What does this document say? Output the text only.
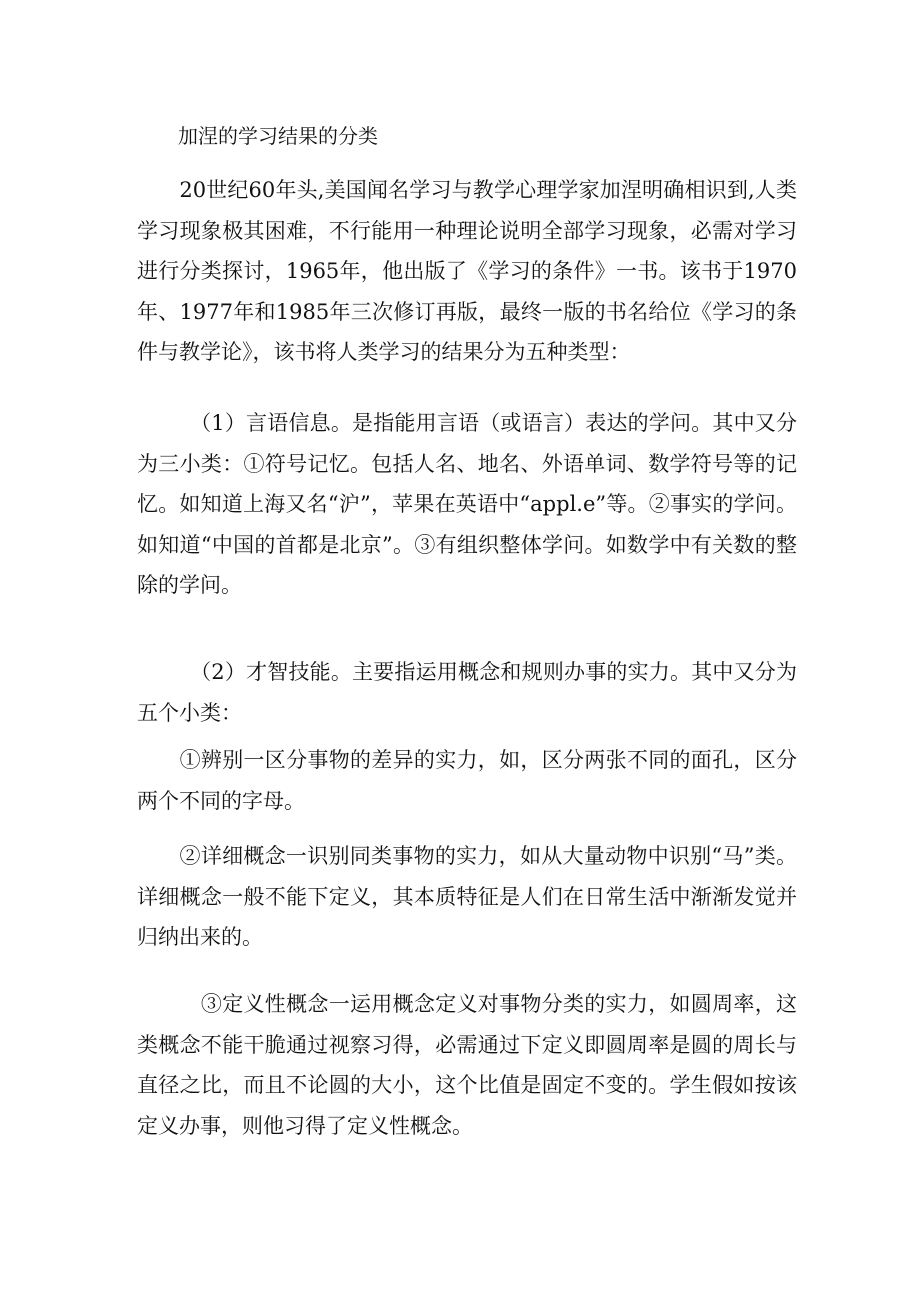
加涅的学习结果的分类

　　20世纪60年头,美国闻名学习与教学心理学家加涅明确相识到,人类学习现象极其困难，不行能用一种理论说明全部学习现象，必需对学习进行分类探讨，1965年，他出版了《学习的条件》一书。该书于1970年、1977年和1985年三次修订再版，最终一版的书名给位《学习的条件与教学论》，该书将人类学习的结果分为五种类型：

　　　（1）言语信息。是指能用言语（或语言）表达的学问。其中又分为三小类：①符号记忆。包括人名、地名、外语单词、数学符号等的记忆。如知道上海又名“沪”，苹果在英语中“appl.e”等。②事实的学问。如知道“中国的首都是北京”。③有组织整体学问。如数学中有关数的整除的学问。

　　　（2）才智技能。主要指运用概念和规则办事的实力。其中又分为五个小类：

　　①辨别一区分事物的差异的实力，如，区分两张不同的面孔，区分两个不同的字母。

　　②详细概念一识别同类事物的实力，如从大量动物中识别“马”类。详细概念一般不能下定义，其本质特征是人们在日常生活中渐渐发觉并归纳出来的。

　　　③定义性概念一运用概念定义对事物分类的实力，如圆周率，这类概念不能干脆通过视察习得，必需通过下定义即圆周率是圆的周长与直径之比，而且不论圆的大小，这个比值是固定不变的。学生假如按该定义办事，则他习得了定义性概念。
